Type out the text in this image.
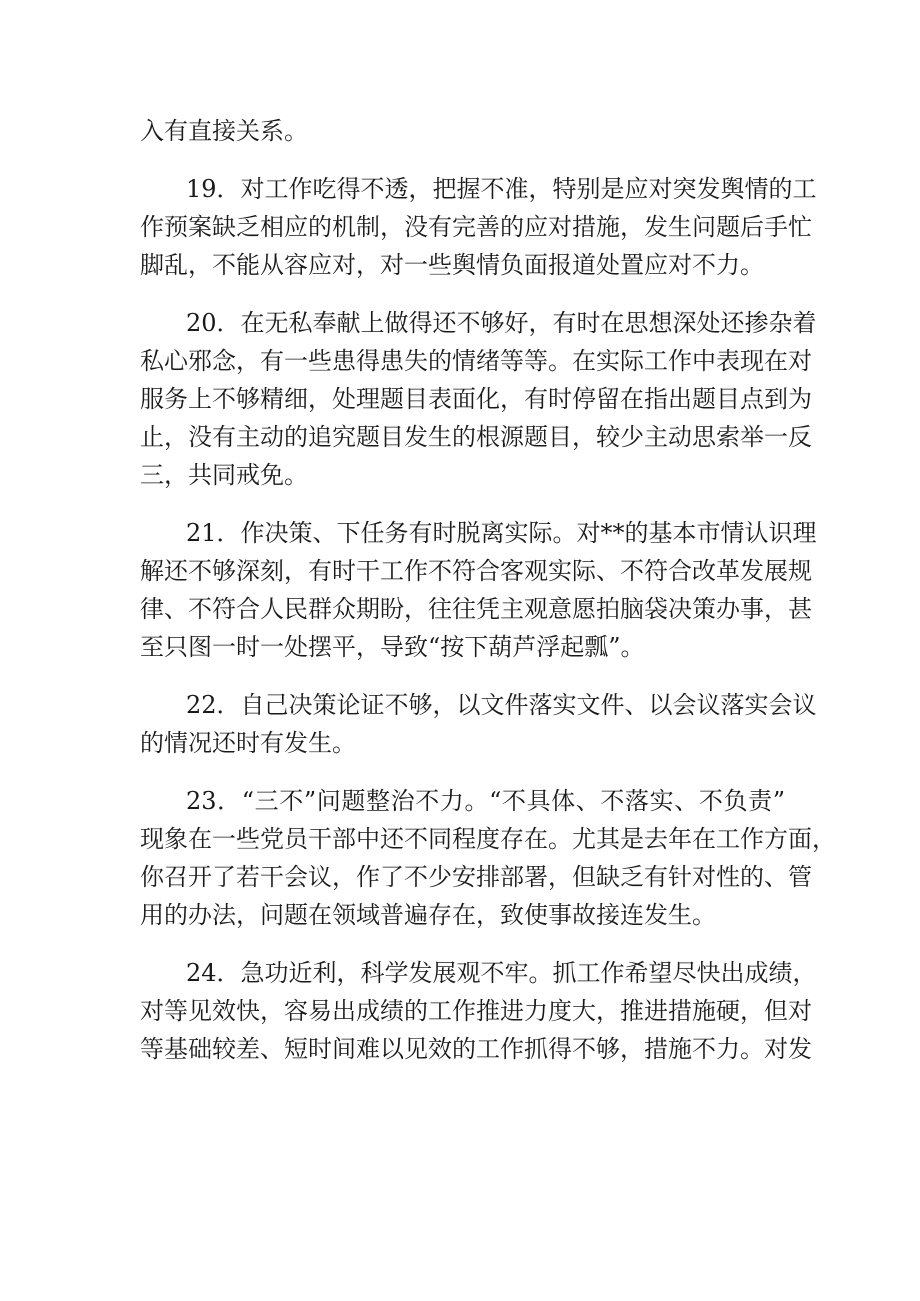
入有直接关系。
19．对工作吃得不透，把握不准，特别是应对突发舆情的工
作预案缺乏相应的机制，没有完善的应对措施，发生问题后手忙
脚乱，不能从容应对，对一些舆情负面报道处置应对不力。
20．在无私奉献上做得还不够好，有时在思想深处还掺杂着
私心邪念，有一些患得患失的情绪等等。在实际工作中表现在对
服务上不够精细，处理题目表面化，有时停留在指出题目点到为
止，没有主动的追究题目发生的根源题目，较少主动思索举一反
三，共同戒免。
21．作决策、下任务有时脱离实际。对**的基本市情认识理
解还不够深刻，有时干工作不符合客观实际、不符合改革发展规
律、不符合人民群众期盼，往往凭主观意愿拍脑袋决策办事，甚
至只图一时一处摆平，导致“按下葫芦浮起瓢”。
22．自己决策论证不够，以文件落实文件、以会议落实会议
的情况还时有发生。
23．“三不”问题整治不力。“不具体、不落实、不负责”
现象在一些党员干部中还不同程度存在。尤其是去年在工作方面，
你召开了若干会议，作了不少安排部署，但缺乏有针对性的、管
用的办法，问题在领域普遍存在，致使事故接连发生。
24．急功近利，科学发展观不牢。抓工作希望尽快出成绩，
对等见效快，容易出成绩的工作推进力度大，推进措施硬，但对
等基础较差、短时间难以见效的工作抓得不够，措施不力。对发
